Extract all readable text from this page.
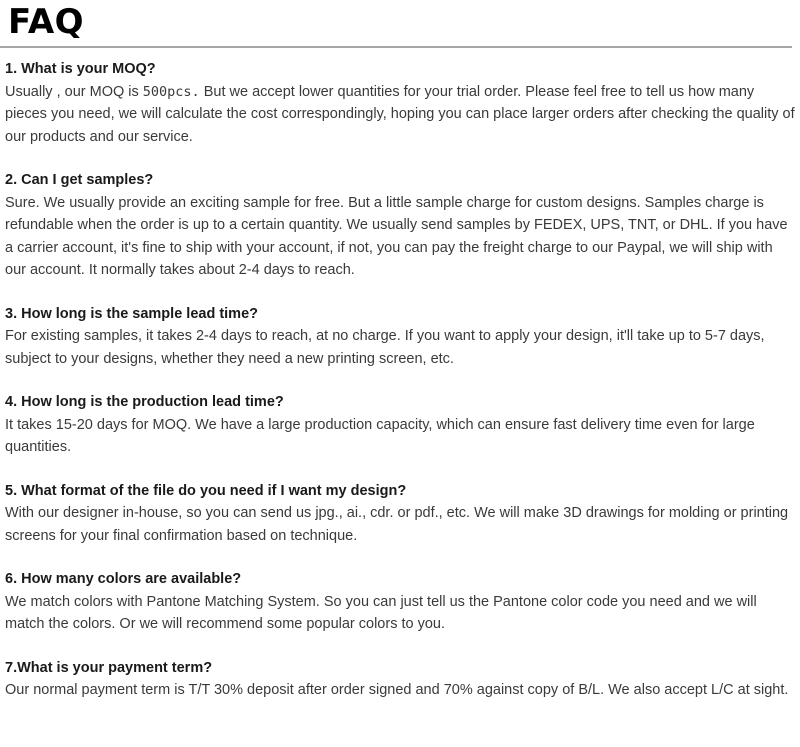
FAQ

1. What is your MOQ?

Usually , our MOQ is 500pcs. But we accept lower quantities for your trial order. Please feel free to tell us how many pieces you need, we will calculate the cost correspondingly, hoping you can place larger orders after checking the quality of our products and our service.

2. Can I get samples?

Sure. We usually provide an exciting sample for free. But a little sample charge for custom designs. Samples charge is refundable when the order is up to a certain quantity. We usually send samples by FEDEX, UPS, TNT, or DHL. If you have a carrier account, it's fine to ship with your account, if not, you can pay the freight charge to our Paypal, we will ship with our account. It normally takes about 2-4 days to reach.

3. How long is the sample lead time?

For existing samples, it takes 2-4 days to reach, at no charge. If you want to apply your design, it'll take up to 5-7 days, subject to your designs, whether they need a new printing screen, etc.

4. How long is the production lead time?

It takes 15-20 days for MOQ. We have a large production capacity, which can ensure fast delivery time even for large quantities.

5. What format of the file do you need if I want my design?

With our designer in-house, so you can send us jpg., ai., cdr. or pdf., etc. We will make 3D drawings for molding or printing screens for your final confirmation based on technique.

6. How many colors are available?

We match colors with Pantone Matching System. So you can just tell us the Pantone color code you need and we will match the colors. Or we will recommend some popular colors to you.

7.What is your payment term?

Our normal payment term is T/T 30% deposit after order signed and 70% against copy of B/L. We also accept L/C at sight.
